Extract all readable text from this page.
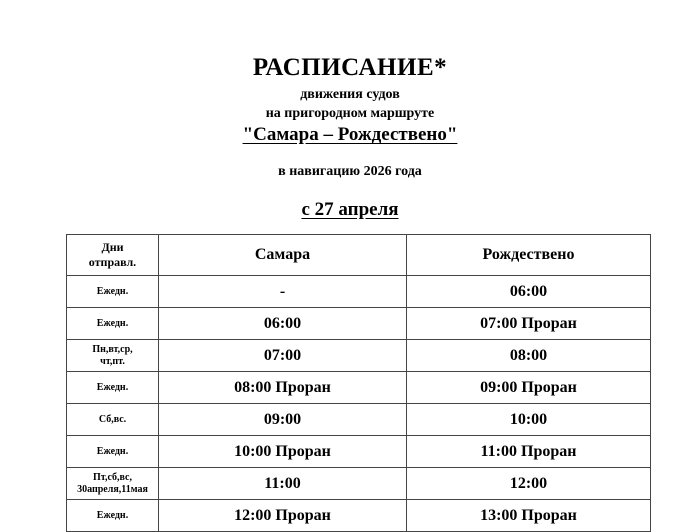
РАСПИСАНИЕ*
движения судов
на пригородном маршруте
"Самара – Рождествено"
в навигацию 2026 года
с 27 апреля
Дни
отправл.	Самара	Рождествено
Ежедн.	-	06:00
Ежедн.	06:00	07:00 Проран
Пн,вт,ср,
чт,пт.	07:00	08:00
Ежедн.	08:00 Проран	09:00 Проран
Сб,вс.	09:00	10:00
Ежедн.	10:00 Проран	11:00 Проран
Пт,сб,вс,
30апреля,11мая	11:00	12:00
Ежедн.	12:00 Проран	13:00 Проран
